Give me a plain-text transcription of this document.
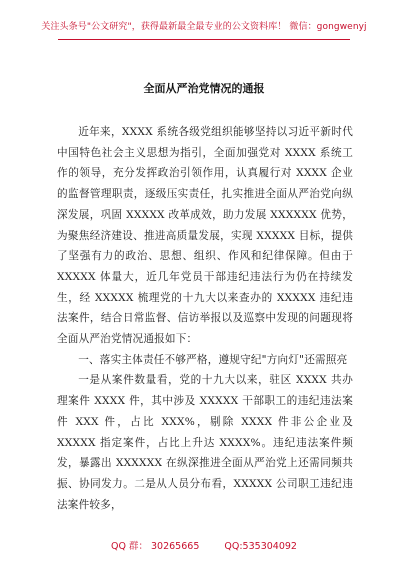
关注头条号"公文研究"，获得最新最全最专业的公文资料库！ 微信：gongwenyj
全面从严治党情况的通报

近年来，XXXX 系统各级党组织能够坚持以习近平新时代中国特色社会主义思想为指引，全面加强党对 XXXX 系统工作的领导，充分发挥政治引领作用，认真履行对 XXXX 企业的监督管理职责，逐级压实责任，扎实推进全面从严治党向纵深发展，巩固 XXXXX 改革成效，助力发展 XXXXXX 优势，为聚焦经济建设、推进高质量发展，实现 XXXXX 目标，提供了坚强有力的政治、思想、组织、作风和纪律保障。但由于 XXXXX 体量大，近几年党员干部违纪违法行为仍在持续发生，经 XXXXX 梳理党的十九大以来查办的 XXXXX 违纪违法案件，结合日常监督、信访举报以及巡察中发现的问题现将全面从严治党情况通报如下：

一、落实主体责任不够严格，遵规守纪"方向灯"还需照亮

一是从案件数量看，党的十九大以来，驻区 XXXX 共办理案件 XXXX 件，其中涉及 XXXXX 干部职工的违纪违法案件 XXX 件，占比 XXX%，剔除 XXXX 件非公企业及 XXXXX 指定案件，占比上升达 XXXX%。违纪违法案件频发，暴露出 XXXXXX 在纵深推进全面从严治党上还需同频共振、协同发力。二是从人员分布看，XXXXX 公司职工违纪违法案件较多，

QQ 群： 30265665	QQ:535304092
